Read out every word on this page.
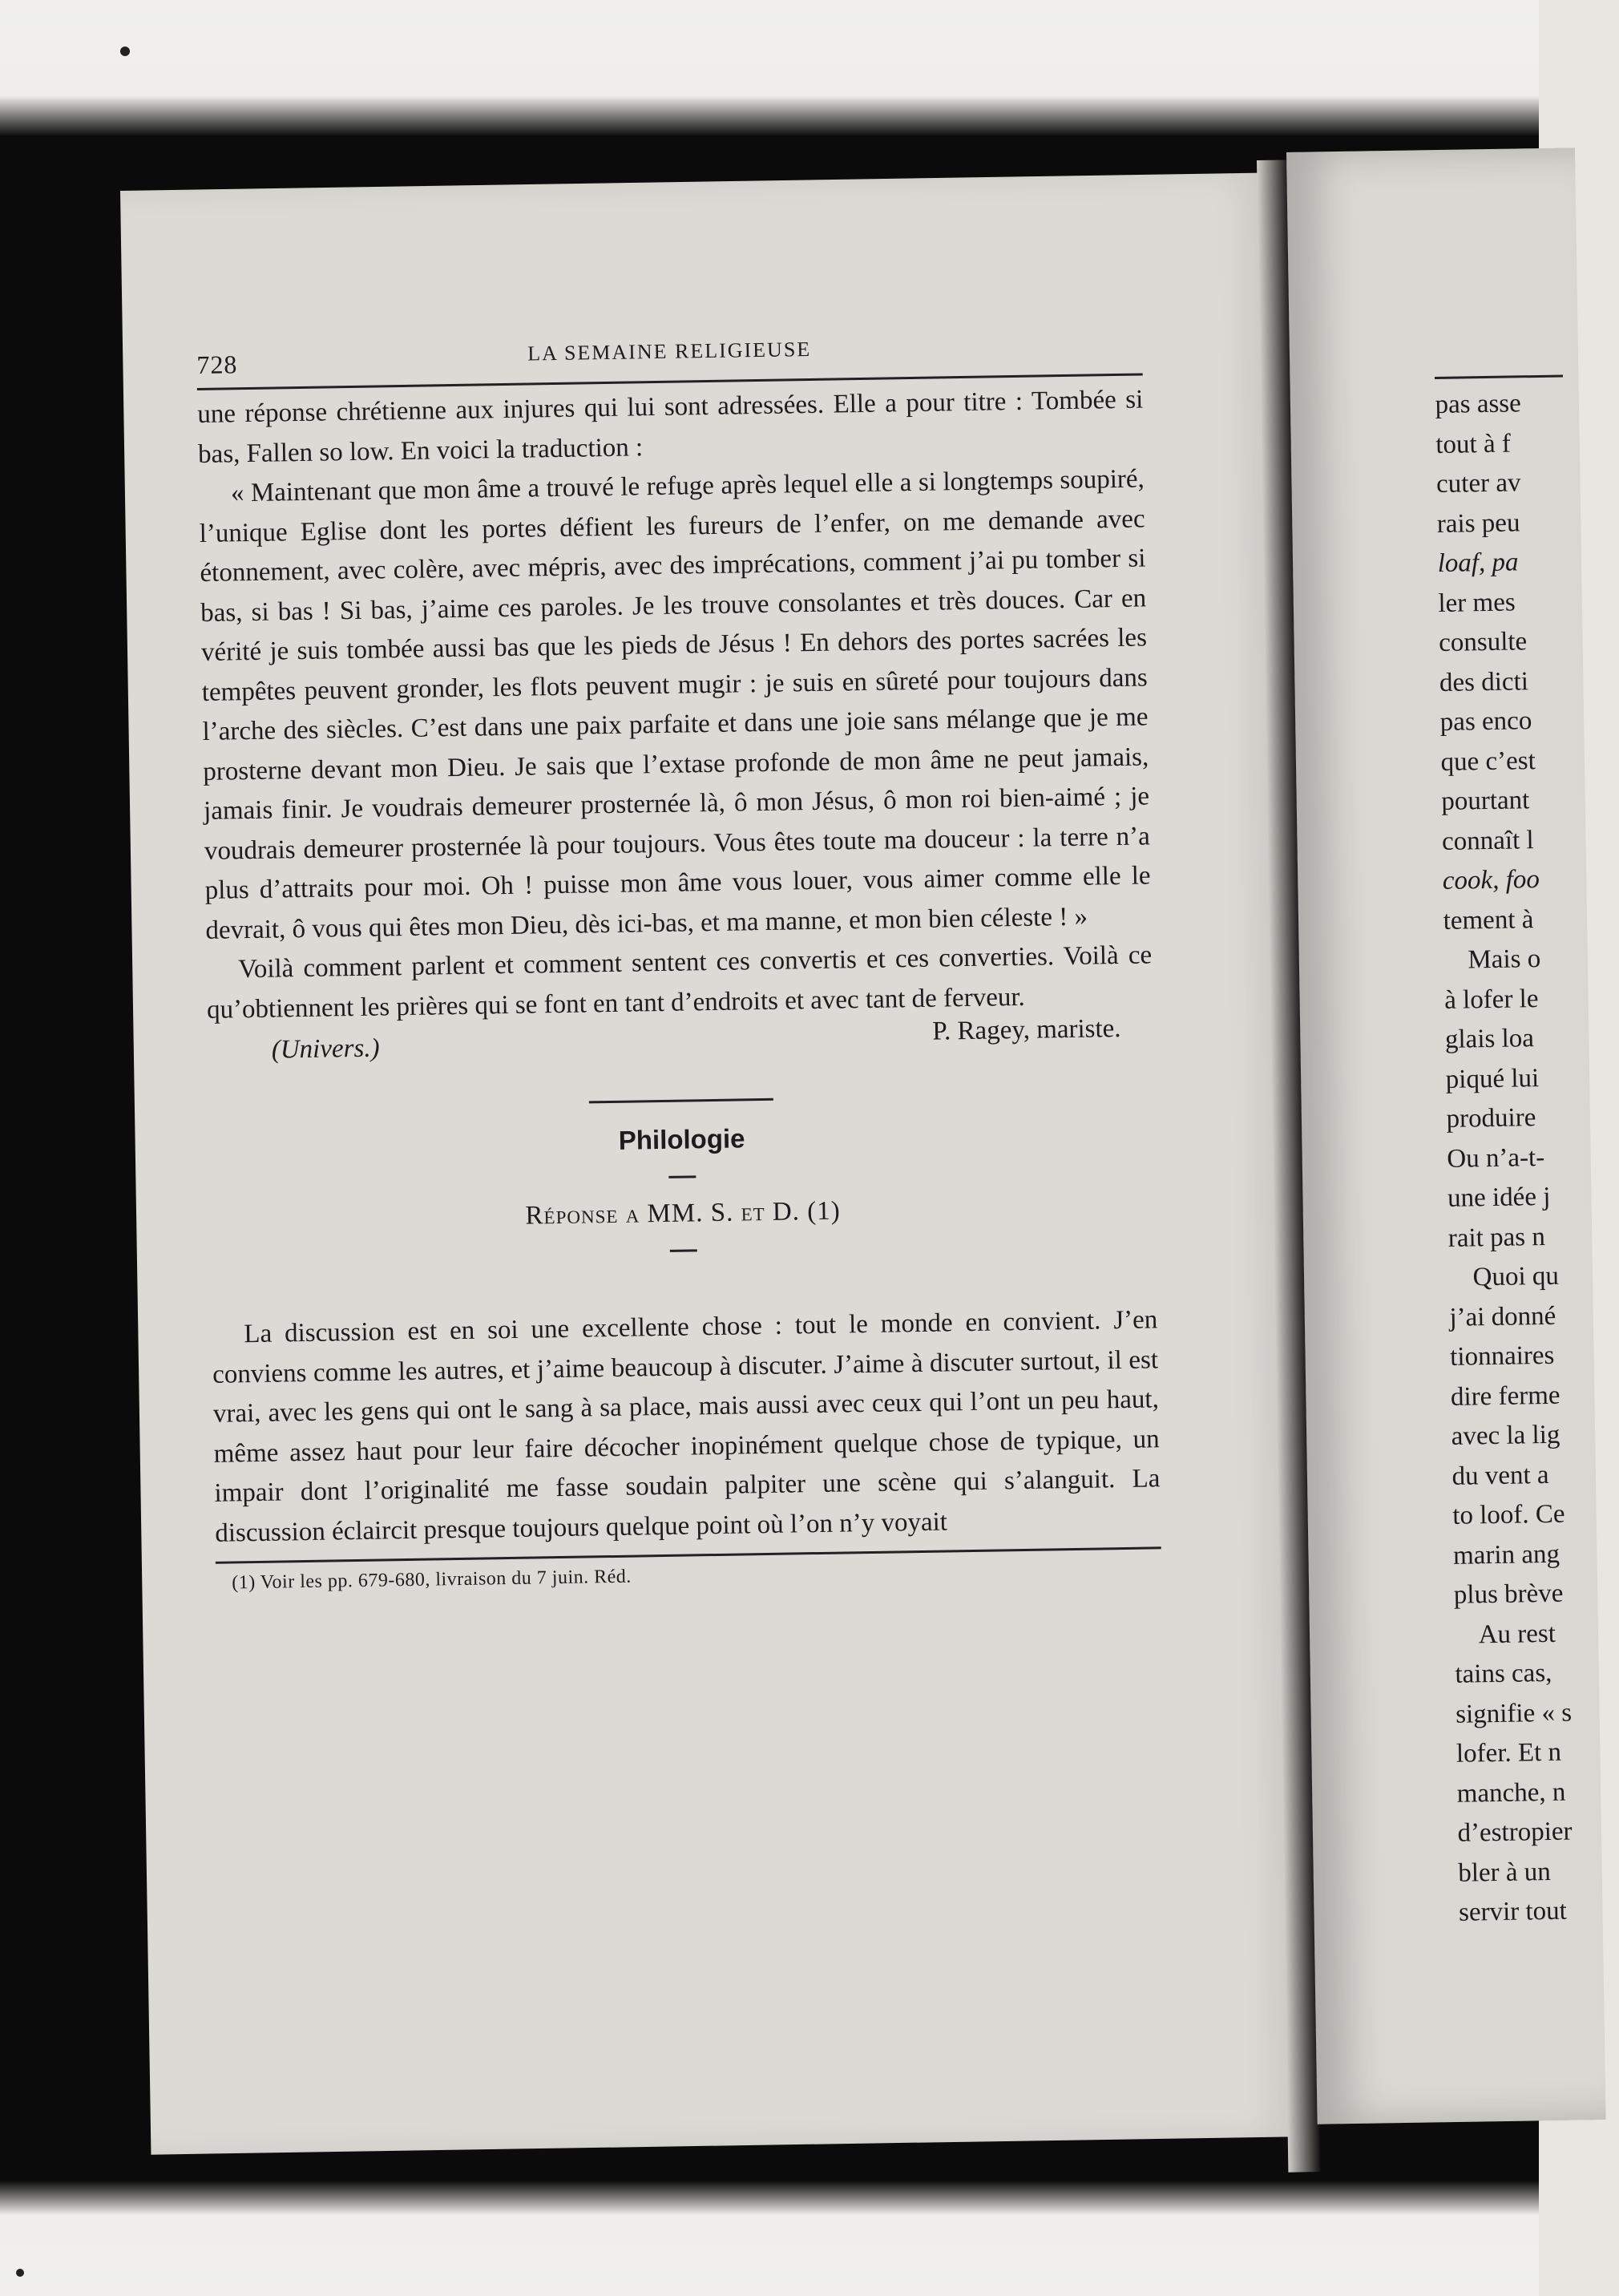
728	LA SEMAINE RELIGIEUSE

une réponse chrétienne aux injures qui lui sont adressées. Elle a pour titre : Tombée si bas, Fallen so low. En voici la traduction :

« Maintenant que mon âme a trouvé le refuge après lequel elle a si longtemps soupiré, l’unique Eglise dont les portes défient les fureurs de l’enfer, on me demande avec étonnement, avec colère, avec mépris, avec des imprécations, comment j’ai pu tomber si bas, si bas ! Si bas, j’aime ces paroles. Je les trouve consolantes et très douces. Car en vérité je suis tombée aussi bas que les pieds de Jésus ! En dehors des portes sacrées les tempêtes peuvent gronder, les flots peuvent mugir : je suis en sûreté pour toujours dans l’arche des siècles. C’est dans une paix parfaite et dans une joie sans mélange que je me prosterne devant mon Dieu. Je sais que l’extase profonde de mon âme ne peut jamais, jamais finir. Je voudrais demeurer prosternée là, ô mon Jésus, ô mon roi bien-aimé ; je voudrais demeurer prosternée là pour toujours. Vous êtes toute ma douceur : la terre n’a plus d’attraits pour moi. Oh ! puisse mon âme vous louer, vous aimer comme elle le devrait, ô vous qui êtes mon Dieu, dès ici-bas, et ma manne, et mon bien céleste ! »

Voilà comment parlent et comment sentent ces convertis et ces converties. Voilà ce qu’obtiennent les prières qui se font en tant d’endroits et avec tant de ferveur.

(Univers.)
P. Ragey, mariste.

Philologie

Réponse a MM. S. et D. (1)

La discussion est en soi une excellente chose : tout le monde en convient. J’en conviens comme les autres, et j’aime beaucoup à discuter. J’aime à discuter surtout, il est vrai, avec les gens qui ont le sang à sa place, mais aussi avec ceux qui l’ont un peu haut, même assez haut pour leur faire décocher inopinément quelque chose de typique, un impair dont l’originalité me fasse soudain palpiter une scène qui s’alanguit. La discussion éclaircit presque toujours quelque point où l’on n’y voyait

(1) Voir les pp. 679-680, livraison du 7 juin. Réd.

pas asse
tout à f
cuter av
rais peu
loaf, pa
ler mes
consulte
des dicti
pas enco
que c’est
pourtant
connaît l
cook, foo
tement à
Mais o
à lofer le
glais loa
piqué lui
produire
Ou n’a-t-
une idée j
rait pas n
Quoi qu
j’ai donné
tionnaires
dire ferme
avec la lig
du vent a
to loof. Ce
marin ang
plus brève
Au rest
tains cas,
signifie « s
lofer. Et n
manche, n
d’estropier
bler à un
servir tout
